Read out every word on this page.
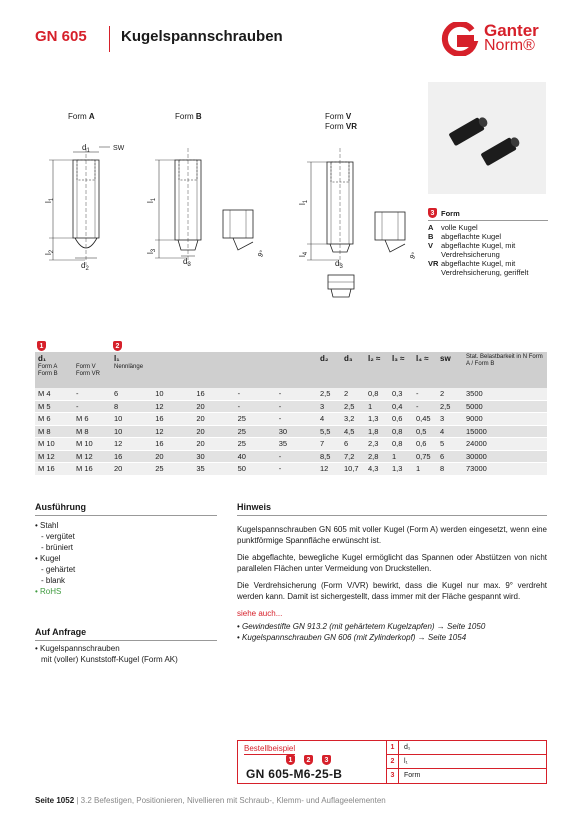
GN 605 Kugelspannschrauben	Ganter
Norm®
Form A	Form B	Form V
Form VR
$d_1$	SW
$l_1$
$l_2$
$d_2$
$l_1$
$l_3$
$d_3$
9°
$l_1$
$l_4$
$d_3$
9°
3 Form
A	volle Kugel
B	abgeflachte Kugel
V	abgeflachte Kugel, mit Verdrehsicherung
VR abgeflachte Kugel, mit Verdrehsicherung, geriffelt
1	2
d₁
Form A Form B	Form V Form VR	l₁
Nennlänge					d₂	d₃	l₂ ≈	l₃ ≈	l₄ ≈	sw	Stat. Belastbarkeit in N Form A / Form B
M 4	-	6	10	16	-	-	2,5	2	0,8	0,3	-	2	3500
M 5	-	8	12	20	-	-	3	2,5	1	0,4	-	2,5	5000
M 6	M 6	10	16	20	25	-	4	3,2	1,3	0,6	0,45	3	9000
M 8	M 8	10	12	20	25	30	5,5	4,5	1,8	0,8	0,5	4	15000
M 10	M 10	12	16	20	25	35	7	6	2,3	0,8	0,6	5	24000
M 12	M 12	16	20	30	40	-	8,5	7,2	2,8	1	0,75	6	30000
M 16	M 16	20	25	35	50	-	12	10,7	4,3	1,3	1	8	73000
Ausführung
• Stahl
- vergütet
- brüniert
• Kugel
- gehärtet
- blank
• RoHS
Auf Anfrage
• Kugelspannschrauben
mit (voller) Kunststoff-Kugel (Form AK)
Hinweis

Kugelspannschrauben GN 605 mit voller Kugel (Form A) werden eingesetzt, wenn eine punktförmige Spannfläche erwünscht ist.

Die abgeflachte, bewegliche Kugel ermöglicht das Spannen oder Abstützen von nicht parallelen Flächen unter Vermeidung von Druckstellen.

Die Verdrehsicherung (Form V/VR) bewirkt, dass die Kugel nur max. 9° verdreht werden kann. Damit ist sichergestellt, dass immer mit der Fläche gespannt wird.

siehe auch...
• Gewindestifte GN 913.2 (mit gehärtetem Kugelzapfen) → Seite 1050
• Kugelspannschrauben GN 606 (mit Zylinderkopf) → Seite 1054
Bestellbeispiel
1	2	3
GN 605-M6-25-B
1	d₁
2	l₁
3	Form
Seite 1052 | 3.2 Befestigen, Positionieren, Nivellieren mit Schraub-, Klemm- und Auflageelementen
